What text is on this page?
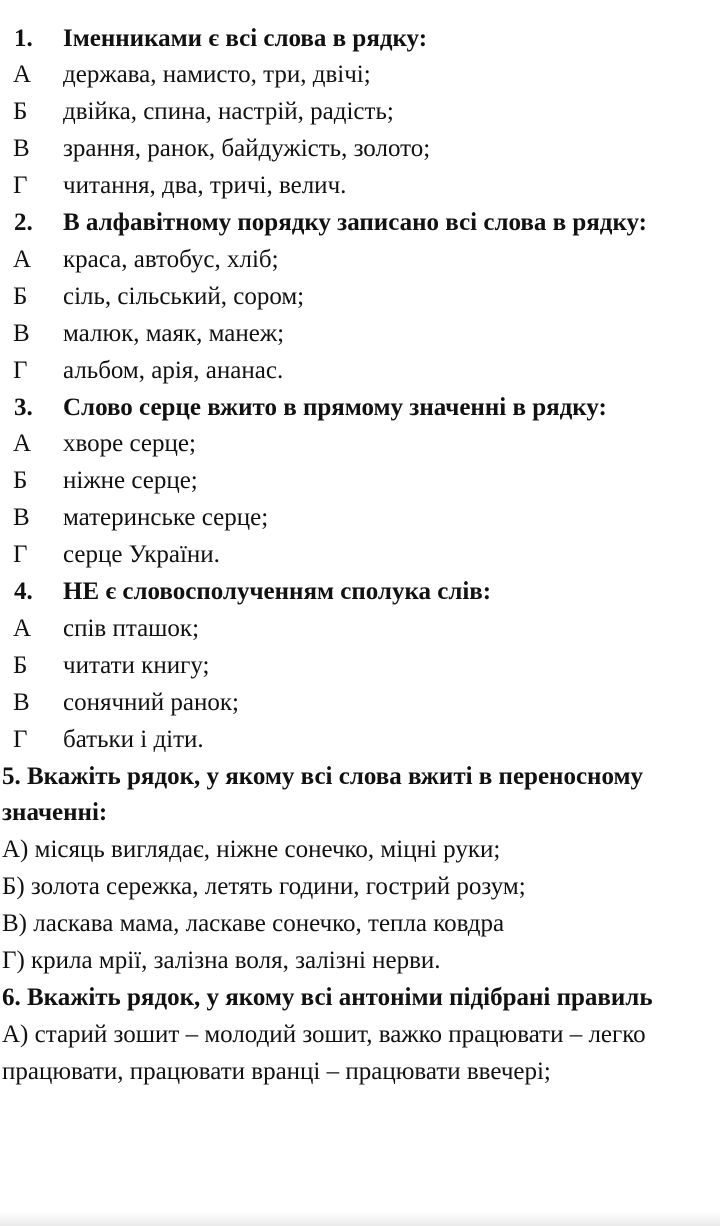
1. Іменниками є всі слова в рядку:
А держава, намисто, три, двічі;
Б двійка, спина, настрій, радість;
В зрання, ранок, байдужість, золото;
Г читання, два, тричі, велич.
2. В алфавітному порядку записано всі слова в рядку:
А краса, автобус, хліб;
Б сіль, сільський, сором;
В малюк, маяк, манеж;
Г альбом, арія, ананас.
3. Слово серце вжито в прямому значенні в рядку:
А хворе серце;
Б ніжне серце;
В материнське серце;
Г серце України.
4. НЕ є словосполученням сполука слів:
А спів пташок;
Б читати книгу;
В сонячний ранок;
Г батьки і діти.
5. Вкажіть рядок, у якому всі слова вжиті в переносному
значенні:
А) місяць виглядає, ніжне сонечко, міцні руки;
Б) золота сережка, летять години, гострий розум;
В) ласкава мама, ласкаве сонечко, тепла ковдра
Г) крила мрії, залізна воля, залізні нерви.
6. Вкажіть рядок, у якому всі антоніми підібрані правиль
А) старий зошит – молодий зошит, важко працювати – легко
працювати, працювати вранці – працювати ввечері;
